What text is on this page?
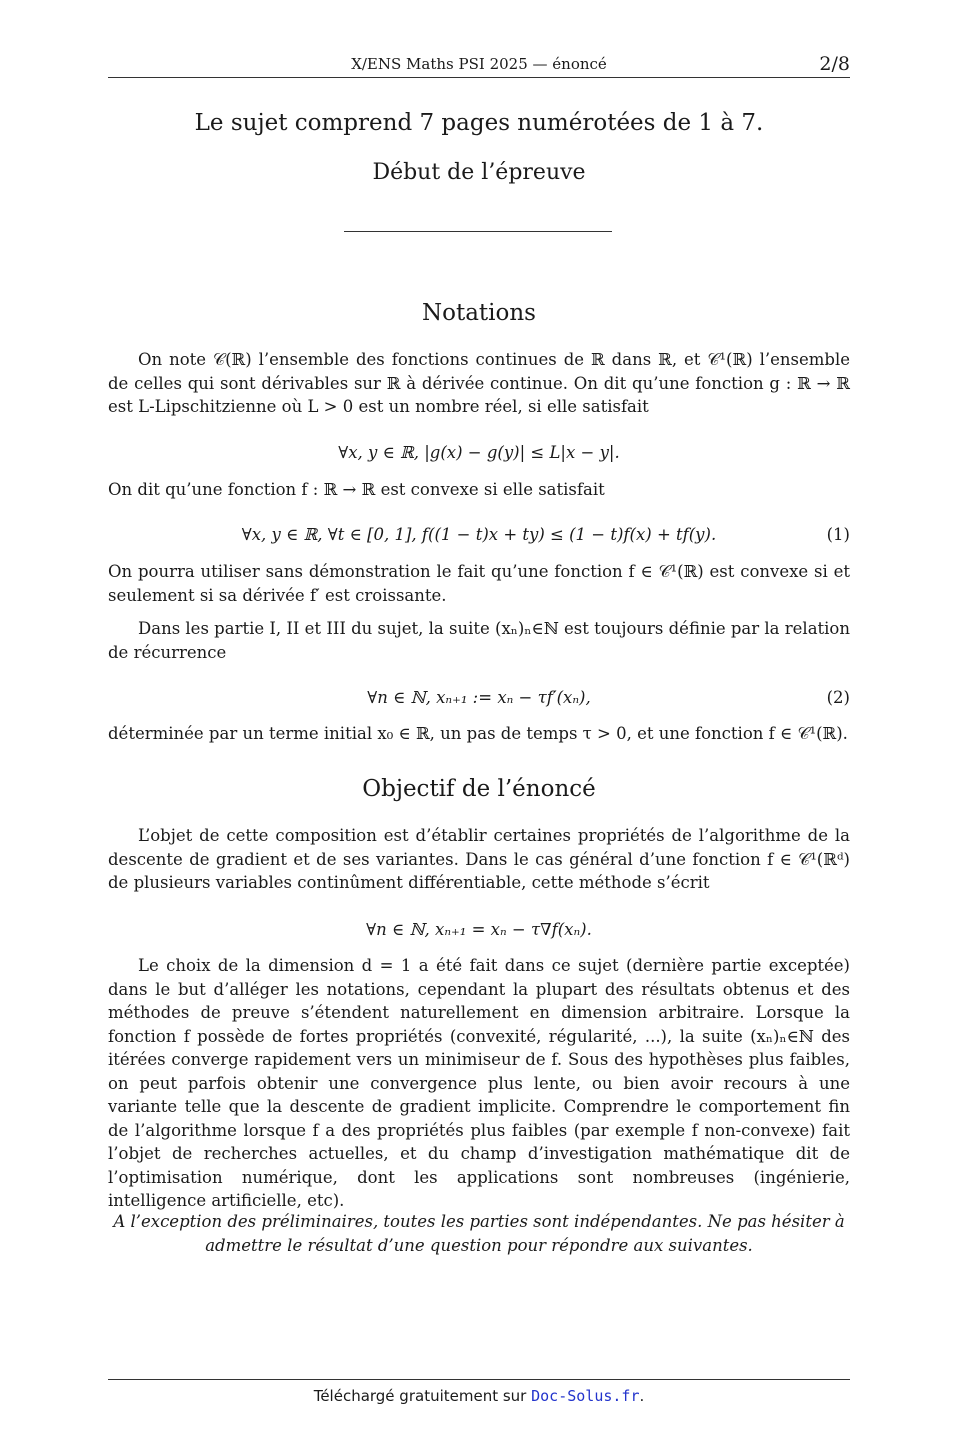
X/ENS Maths PSI 2025 — énoncé	2/8
Le sujet comprend 7 pages numérotées de 1 à 7.
Début de l’épreuve
Notations
On note 𝒞(ℝ) l’ensemble des fonctions continues de ℝ dans ℝ, et 𝒞¹(ℝ) l’ensemble de celles qui sont dérivables sur ℝ à dérivée continue. On dit qu’une fonction g : ℝ → ℝ est L-Lipschitzienne où L > 0 est un nombre réel, si elle satisfait
∀x, y ∈ ℝ, |g(x) − g(y)| ≤ L|x − y|.
On dit qu’une fonction f : ℝ → ℝ est convexe si elle satisfait
∀x, y ∈ ℝ, ∀t ∈ [0, 1], f((1 − t)x + ty) ≤ (1 − t)f(x) + tf(y).	(1)
On pourra utiliser sans démonstration le fait qu’une fonction f ∈ 𝒞¹(ℝ) est convexe si et seulement si sa dérivée f′ est croissante.
Dans les partie I, II et III du sujet, la suite (xₙ)ₙ∈ℕ est toujours définie par la relation de récurrence
∀n ∈ ℕ, xₙ₊₁ := xₙ − τf′(xₙ),	(2)
déterminée par un terme initial x₀ ∈ ℝ, un pas de temps τ > 0, et une fonction f ∈ 𝒞¹(ℝ).
Objectif de l’énoncé
L’objet de cette composition est d’établir certaines propriétés de l’algorithme de la descente de gradient et de ses variantes. Dans le cas général d’une fonction f ∈ 𝒞¹(ℝᵈ) de plusieurs variables continûment différentiable, cette méthode s’écrit
∀n ∈ ℕ, xₙ₊₁ = xₙ − τ∇f(xₙ).
Le choix de la dimension d = 1 a été fait dans ce sujet (dernière partie exceptée) dans le but d’alléger les notations, cependant la plupart des résultats obtenus et des méthodes de preuve s’étendent naturellement en dimension arbitraire. Lorsque la fonction f possède de fortes propriétés (convexité, régularité, ...), la suite (xₙ)ₙ∈ℕ des itérées converge rapidement vers un minimiseur de f. Sous des hypothèses plus faibles, on peut parfois obtenir une convergence plus lente, ou bien avoir recours à une variante telle que la descente de gradient implicite. Comprendre le comportement fin de l’algorithme lorsque f a des propriétés plus faibles (par exemple f non-convexe) fait l’objet de recherches actuelles, et du champ d’investigation mathématique dit de l’optimisation numérique, dont les applications sont nombreuses (ingénierie, intelligence artificielle, etc).
A l’exception des préliminaires, toutes les parties sont indépendantes. Ne pas hésiter à admettre le résultat d’une question pour répondre aux suivantes.
Téléchargé gratuitement sur Doc-Solus.fr.
